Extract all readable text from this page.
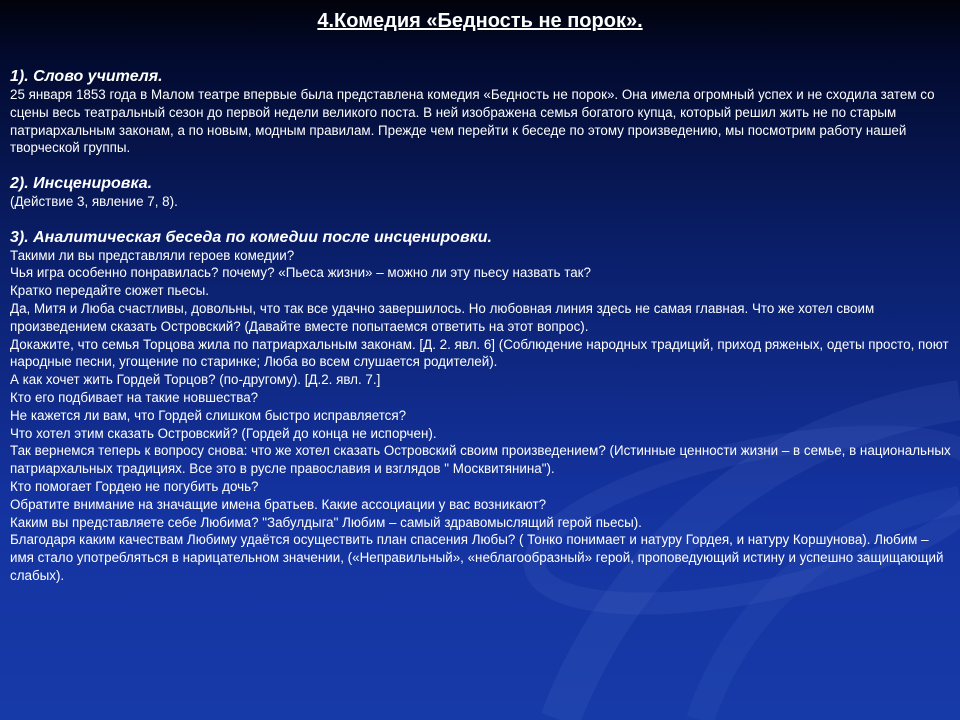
4.Комедия «Бедность не порок».

1). Слово учителя.

25 января 1853 года в Малом театре впервые была представлена комедия «Бедность не порок». Она имела огромный успех и не сходила затем со сцены весь театральный сезон до первой недели великого поста. В ней изображена семья богатого купца, который решил жить не по старым патриархальным законам, а по новым, модным правилам. Прежде чем перейти к беседе по этому произведению, мы посмотрим работу нашей творческой группы.

2). Инсценировка.

(Действие 3, явление 7, 8).

3). Аналитическая беседа по комедии после инсценировки.

Такими ли вы представляли героев комедии?

Чья игра особенно понравилась? почему? «Пьеса жизни» – можно ли эту пьесу назвать так?

Кратко передайте сюжет пьесы.

Да, Митя и Люба счастливы, довольны, что так все удачно завершилось. Но любовная линия здесь не самая главная. Что же хотел своим произведением сказать Островский? (Давайте вместе попытаемся ответить на этот вопрос).

Докажите, что семья Торцова жила по патриархальным законам. [Д. 2. явл. 6] (Соблюдение народных традиций, приход ряженых, одеты просто, поют народные песни, угощение по старинке; Люба во всем слушается родителей).

А как хочет жить Гордей Торцов? (по-другому). [Д.2. явл. 7.]

Кто его подбивает на такие новшества?

Не кажется ли вам, что Гордей слишком быстро исправляется?

Что хотел этим сказать Островский? (Гордей до конца не испорчен).

Так вернемся теперь к вопросу снова: что же хотел сказать Островский своим произведением? (Истинные ценности жизни – в семье, в национальных патриархальных традициях. Все это в русле православия и взглядов " Москвитянина").

Кто помогает Гордею не погубить дочь?

Обратите внимание на значащие имена братьев. Какие ассоциации у вас возникают?

Каким вы представляете себе Любима? "Забулдыга" Любим – самый здравомыслящий герой пьесы).

Благодаря каким качествам Любиму удаётся осуществить план спасения Любы? ( Тонко понимает и натуру Гордея, и натуру Коршунова). Любим – имя стало употребляться в нарицательном значении, («Неправильный», «неблагообразный» герой, проповедующий истину и успешно защищающий слабых).
